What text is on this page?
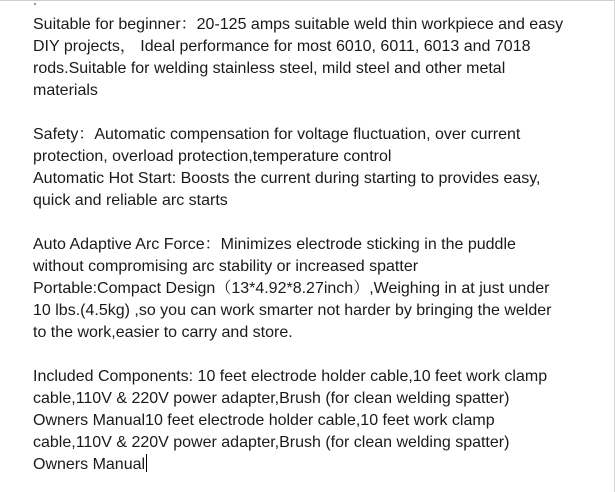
Suitable for beginner：20-125 amps suitable weld thin workpiece and easy
DIY projects， Ideal performance for most 6010, 6011, 6013 and 7018
rods.Suitable for welding stainless steel, mild steel and other metal
materials
Safety：Automatic compensation for voltage fluctuation, over current
protection, overload protection,temperature control
Automatic Hot Start: Boosts the current during starting to provides easy,
quick and reliable arc starts
Auto Adaptive Arc Force：Minimizes electrode sticking in the puddle
without compromising arc stability or increased spatter
Portable:Compact Design（13*4.92*8.27inch）,Weighing in at just under
10 lbs.(4.5kg) ,so you can work smarter not harder by bringing the welder
to the work,easier to carry and store.
Included Components: 10 feet electrode holder cable,10 feet work clamp
cable,110V & 220V power adapter,Brush (for clean welding spatter)
Owners Manual10 feet electrode holder cable,10 feet work clamp
cable,110V & 220V power adapter,Brush (for clean welding spatter)
Owners Manual
